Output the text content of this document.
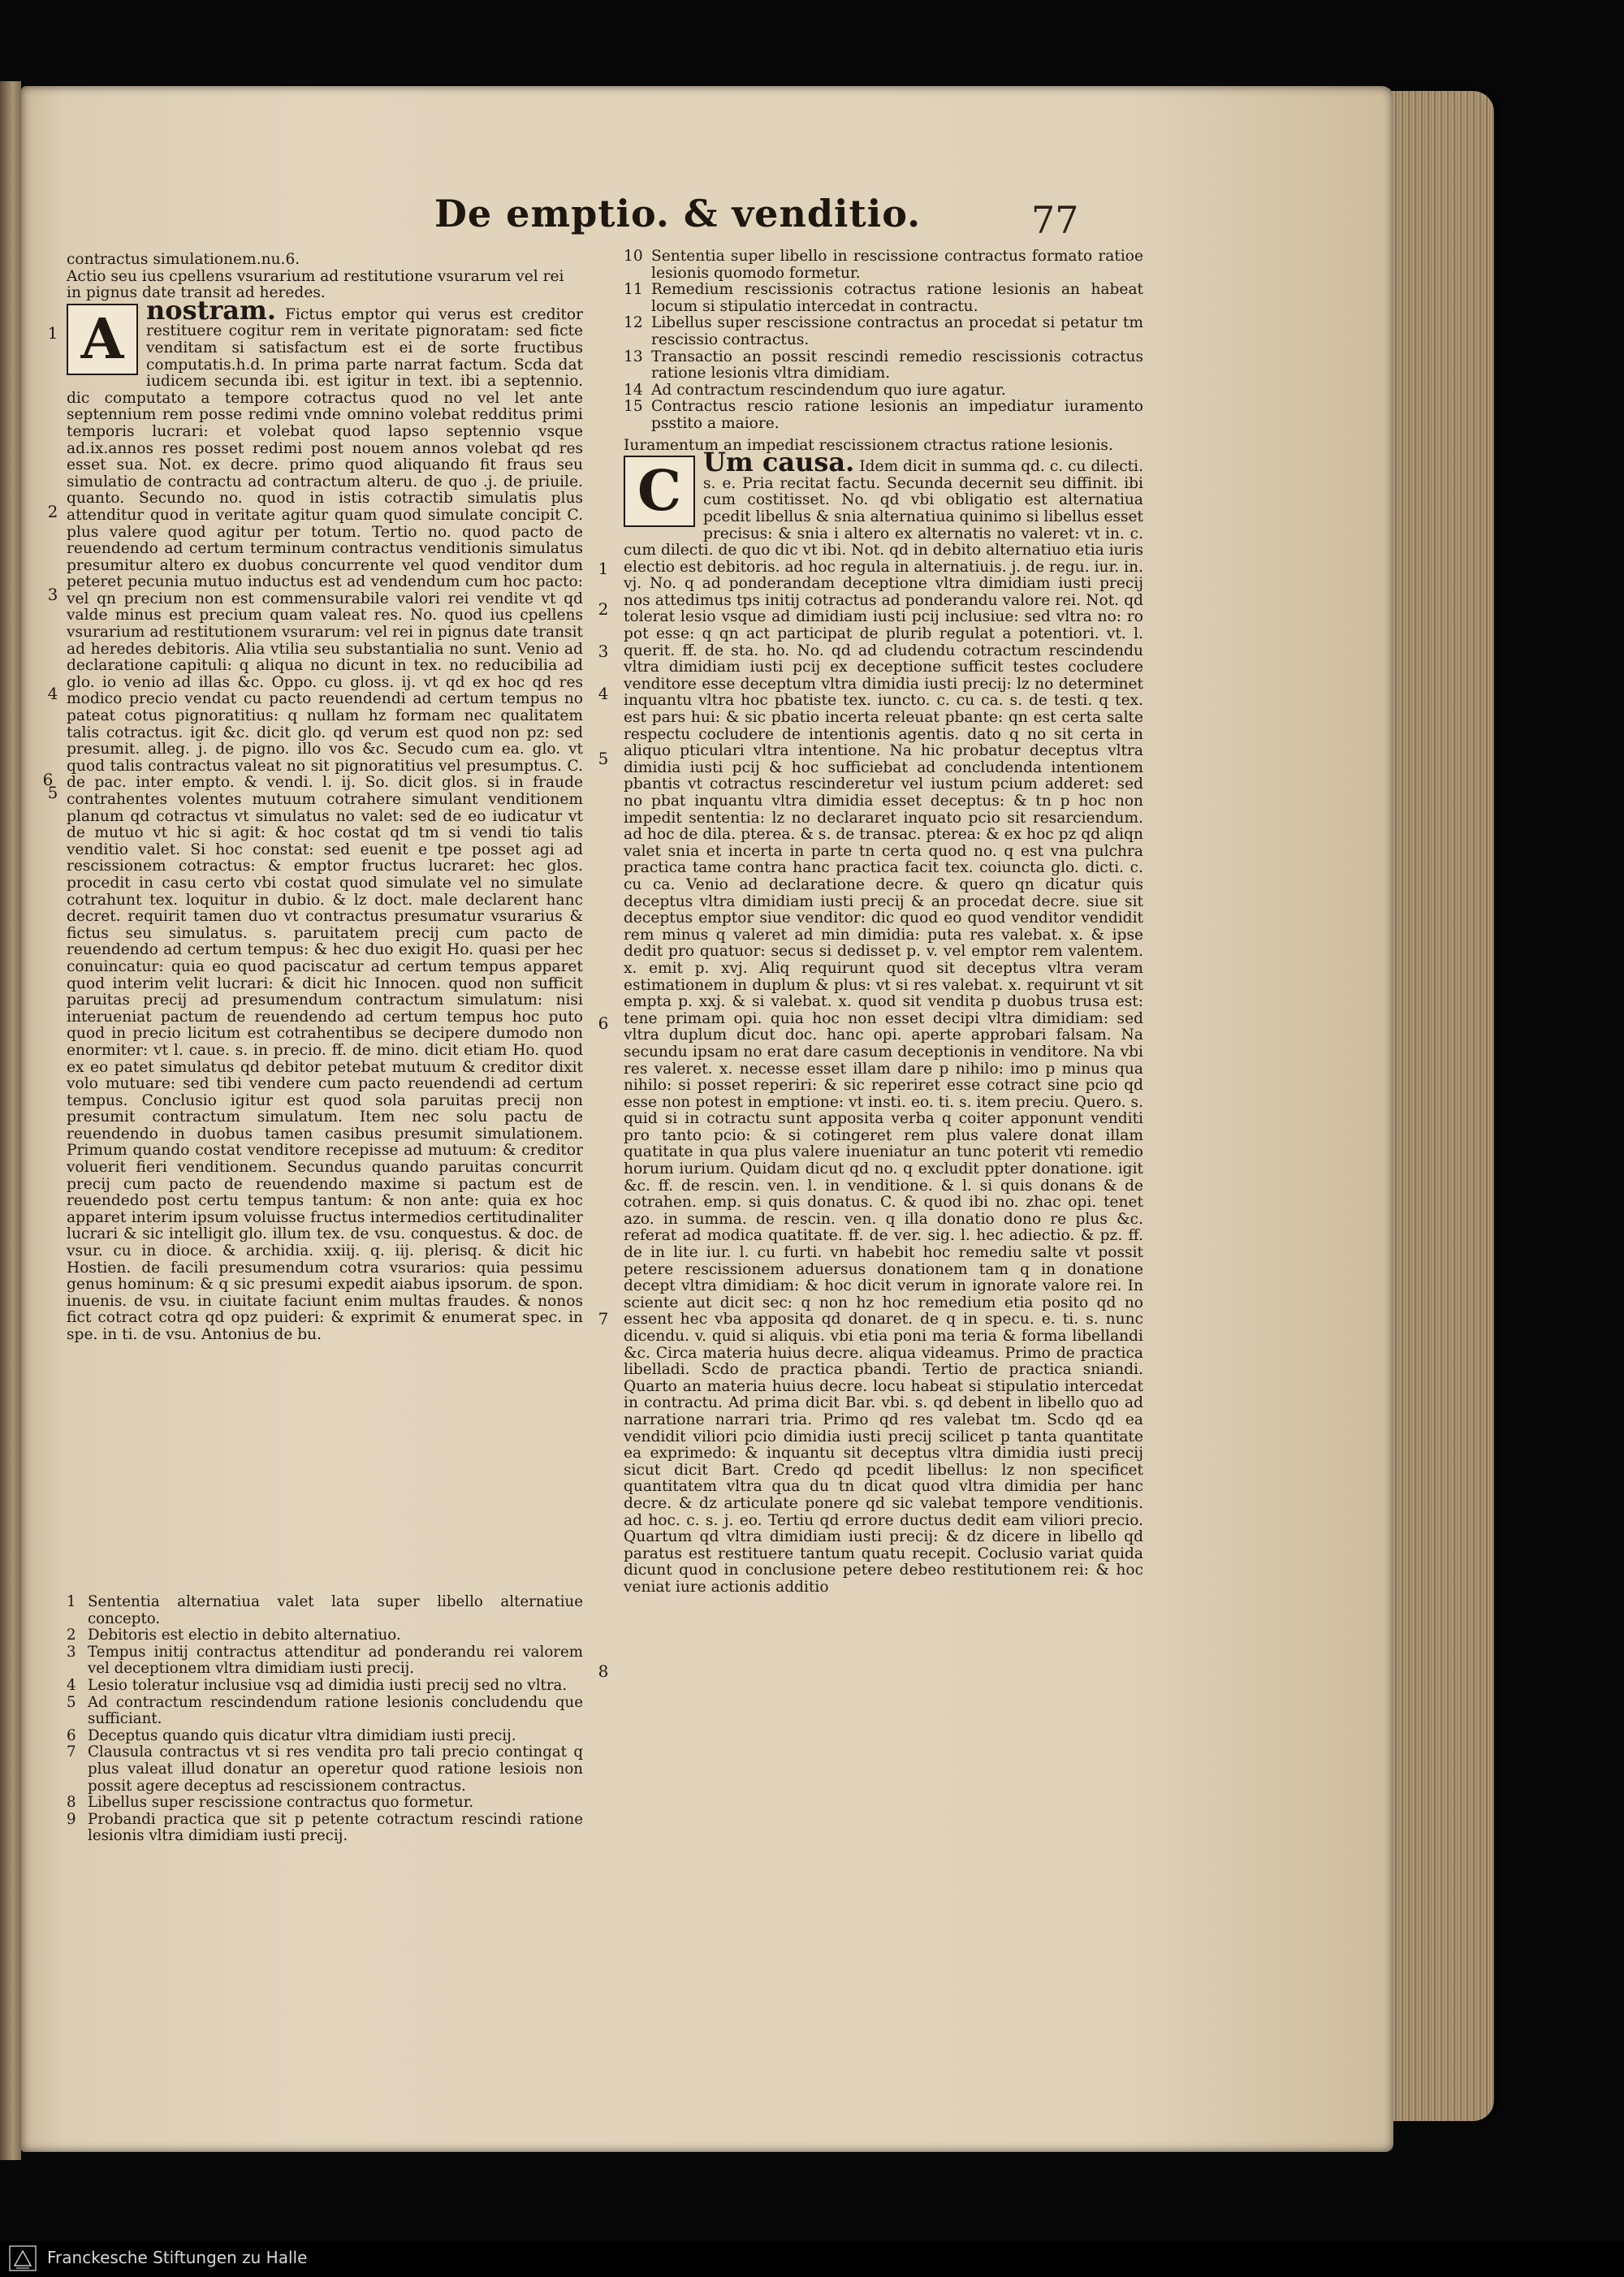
De emptio. & venditio.	77

contractus simulationem.nu.6.

Actio seu ius cpellens vsurarium ad restitutione vsurarum vel rei

in pignus date transit ad heredes.

A nostram. Fictus emptor qui verus est creditor restituere cogitur rem in veritate pignoratam: sed ficte venditam si satisfactum est ei de sorte fructibus computatis.h.d. In prima parte narrat factum. Scda dat iudicem secunda ibi. est igitur in text. ibi a septennio. dic computato a tempore cotractus quod no vel let ante septennium rem posse redimi vnde omnino volebat redditus primi temporis lucrari: et volebat quod lapso septennio vsque ad.ix.annos res posset redimi post nouem annos volebat qd res esset sua. Not. ex decre. primo quod aliquando fit fraus seu simulatio de contractu ad contractum alteru. de quo .j. de priuile. quanto. Secundo no. quod in istis cotractib simulatis plus attenditur quod in veritate agitur quam quod simulate concipit C. plus valere quod agitur per totum. Tertio no. quod pacto de reuendendo ad certum terminum contractus venditionis simulatus presumitur altero ex duobus concurrente vel quod venditor dum peteret pecunia mutuo inductus est ad vendendum cum hoc pacto: vel qn precium non est commensurabile valori rei vendite vt qd valde minus est precium quam valeat res. No. quod ius cpellens vsurarium ad restitutionem vsurarum: vel rei in pignus date transit ad heredes debitoris. Alia vtilia seu substantialia no sunt. Venio ad declaratione capituli: q aliqua no dicunt in tex. no reducibilia ad glo. io venio ad illas &c. Oppo. cu gloss. ij. vt qd ex hoc qd res modico precio vendat cu pacto reuendendi ad certum tempus no pateat cotus pignoratitius: q nullam hz formam nec qualitatem talis cotractus. igit &c. dicit glo. qd verum est quod non pz: sed presumit. alleg. j. de pigno. illo vos &c. Secudo cum ea. glo. vt quod talis contractus valeat no sit pignoratitius vel presumptus. C. de pac. inter empto. & vendi. l. ij. So. dicit glos. si in fraude contrahentes volentes mutuum cotrahere simulant venditionem planum qd cotractus vt simulatus no valet: sed de eo iudicatur vt de mutuo vt hic si agit: & hoc costat qd tm si vendi tio talis venditio valet. Si hoc constat: sed euenit e tpe posset agi ad rescissionem cotractus: & emptor fructus lucraret: hec glos. procedit in casu certo vbi costat quod simulate vel no simulate cotrahunt tex. loquitur in dubio. & lz doct. male declarent hanc decret. requirit tamen duo vt contractus presumatur vsurarius & fictus seu simulatus. s. paruitatem precij cum pacto de reuendendo ad certum tempus: & hec duo exigit Ho. quasi per hec conuincatur: quia eo quod paciscatur ad certum tempus apparet quod interim velit lucrari: & dicit hic Innocen. quod non sufficit paruitas precij ad presumendum contractum simulatum: nisi interueniat pactum de reuendendo ad certum tempus hoc puto quod in precio licitum est cotrahentibus se decipere dumodo non enormiter: vt l. caue. s. in precio. ff. de mino. dicit etiam Ho. quod ex eo patet simulatus qd debitor petebat mutuum & creditor dixit volo mutuare: sed tibi vendere cum pacto reuendendi ad certum tempus. Conclusio igitur est quod sola paruitas precij non presumit contractum simulatum. Item nec solu pactu de reuendendo in duobus tamen casibus presumit simulationem. Primum quando costat venditore recepisse ad mutuum: & creditor voluerit fieri venditionem. Secundus quando paruitas concurrit precij cum pacto de reuendendo maxime si pactum est de reuendedo post certu tempus tantum: & non ante: quia ex hoc apparet interim ipsum voluisse fructus intermedios certitudinaliter lucrari & sic intelligit glo. illum tex. de vsu. conquestus. & doc. de vsur. cu in dioce. & archidia. xxiij. q. iij. plerisq. & dicit hic Hostien. de facili presumendum cotra vsurarios: quia pessimu genus hominum: & q sic presumi expedit aiabus ipsorum. de spon. inuenis. de vsu. in ciuitate faciunt enim multas fraudes. & nonos fict cotract cotra qd opz puideri: & exprimit & enumerat spec. in spe. in ti. de vsu. Antonius de bu.

1
2
3
4
5
6
1 Sententia alternatiua valet lata super libello alternatiue concepto.
2 Debitoris est electio in debito alternatiuo.
3 Tempus initij contractus attenditur ad ponderandu rei valorem vel deceptionem vltra dimidiam iusti precij.
4 Lesio toleratur inclusiue vsq ad dimidia iusti precij sed no vltra.
5 Ad contractum rescindendum ratione lesionis concludendu que sufficiant.
6 Deceptus quando quis dicatur vltra dimidiam iusti precij.
7 Clausula contractus vt si res vendita pro tali precio contingat q plus valeat illud donatur an operetur quod ratione lesiois non possit agere deceptus ad rescissionem contractus.
8 Libellus super rescissione contractus quo formetur.
9 Probandi practica que sit p petente cotractum rescindi ratione lesionis vltra dimidiam iusti precij.
10 Sententia super libello in rescissione contractus formato ratioe lesionis quomodo formetur.
11 Remedium rescissionis cotractus ratione lesionis an habeat locum si stipulatio intercedat in contractu.
12 Libellus super rescissione contractus an procedat si petatur tm rescissio contractus.
13 Transactio an possit rescindi remedio rescissionis cotractus ratione lesionis vltra dimidiam.
14 Ad contractum rescindendum quo iure agatur.
15 Contractus rescio ratione lesionis an impediatur iuramento psstito a maiore.

Iuramentum an impediat rescissionem ctractus ratione lesionis.

C Um causa. Idem dicit in summa qd. c. cu dilecti. s. e. Pria recitat factu. Secunda decernit seu diffinit. ibi cum costitisset. No. qd vbi obligatio est alternatiua pcedit libellus & snia alternatiua quinimo si libellus esset precisus: & snia i altero ex alternatis no valeret: vt in. c. cum dilecti. de quo dic vt ibi. Not. qd in debito alternatiuo etia iuris electio est debitoris. ad hoc regula in alternatiuis. j. de regu. iur. in. vj. No. q ad ponderandam deceptione vltra dimidiam iusti precij nos attedimus tps initij cotractus ad ponderandu valore rei. Not. qd tolerat lesio vsque ad dimidiam iusti pcij inclusiue: sed vltra no: ro pot esse: q qn act participat de plurib regulat a potentiori. vt. l. querit. ff. de sta. ho. No. qd ad cludendu cotractum rescindendu vltra dimidiam iusti pcij ex deceptione sufficit testes cocludere venditore esse deceptum vltra dimidia iusti precij: lz no determinet inquantu vltra hoc pbatiste tex. iuncto. c. cu ca. s. de testi. q tex. est pars hui: & sic pbatio incerta releuat pbante: qn est certa salte respectu cocludere de intentionis agentis. dato q no sit certa in aliquo pticulari vltra intentione. Na hic probatur deceptus vltra dimidia iusti pcij & hoc sufficiebat ad concludenda intentionem pbantis vt cotractus rescinderetur vel iustum pcium adderet: sed no pbat inquantu vltra dimidia esset deceptus: & tn p hoc non impedit sententia: lz no declararet inquato pcio sit resarciendum. ad hoc de dila. pterea. & s. de transac. pterea: & ex hoc pz qd aliqn valet snia et incerta in parte tn certa quod no. q est vna pulchra practica tame contra hanc practica facit tex. coiuncta glo. dicti. c. cu ca. Venio ad declaratione decre. & quero qn dicatur quis deceptus vltra dimidiam iusti precij & an procedat decre. siue sit deceptus emptor siue venditor: dic quod eo quod venditor vendidit rem minus q valeret ad min dimidia: puta res valebat. x. & ipse dedit pro quatuor: secus si dedisset p. v. vel emptor rem valentem. x. emit p. xvj. Aliq requirunt quod sit deceptus vltra veram estimationem in duplum & plus: vt si res valebat. x. requirunt vt sit empta p. xxj. & si valebat. x. quod sit vendita p duobus trusa est: tene primam opi. quia hoc non esset decipi vltra dimidiam: sed vltra duplum dicut doc. hanc opi. aperte approbari falsam. Na secundu ipsam no erat dare casum deceptionis in venditore. Na vbi res valeret. x. necesse esset illam dare p nihilo: imo p minus qua nihilo: si posset reperiri: & sic reperiret esse cotract sine pcio qd esse non potest in emptione: vt insti. eo. ti. s. item preciu. Quero. s. quid si in cotractu sunt apposita verba q coiter apponunt venditi pro tanto pcio: & si cotingeret rem plus valere donat illam quatitate in qua plus valere inueniatur an tunc poterit vti remedio horum iurium. Quidam dicut qd no. q excludit ppter donatione. igit &c. ff. de rescin. ven. l. in venditione. & l. si quis donans & de cotrahen. emp. si quis donatus. C. & quod ibi no. zhac opi. tenet azo. in summa. de rescin. ven. q illa donatio dono re plus &c. referat ad modica quatitate. ff. de ver. sig. l. hec adiectio. & pz. ff. de in lite iur. l. cu furti. vn habebit hoc remediu salte vt possit petere rescissionem aduersus donationem tam q in donatione decept vltra dimidiam: & hoc dicit verum in ignorate valore rei. In sciente aut dicit sec: q non hz hoc remedium etia posito qd no essent hec vba apposita qd donaret. de q in specu. e. ti. s. nunc dicendu. v. quid si aliquis. vbi etia poni ma teria & forma libellandi &c. Circa materia huius decre. aliqua videamus. Primo de practica libelladi. Scdo de practica pbandi. Tertio de practica sniandi. Quarto an materia huius decre. locu habeat si stipulatio intercedat in contractu. Ad prima dicit Bar. vbi. s. qd debent in libello quo ad narratione narrari tria. Primo qd res valebat tm. Scdo qd ea vendidit viliori pcio dimidia iusti precij scilicet p tanta quantitate ea exprimedo: & inquantu sit deceptus vltra dimidia iusti precij sicut dicit Bart. Credo qd pcedit libellus: lz non specificet quantitatem vltra qua du tn dicat quod vltra dimidia per hanc decre. & dz articulate ponere qd sic valebat tempore venditionis. ad hoc. c. s. j. eo. Tertiu qd errore ductus dedit eam viliori precio. Quartum qd vltra dimidiam iusti precij: & dz dicere in libello qd paratus est restituere tantum quatu recepit. Coclusio variat quida dicunt quod in conclusione petere debeo restitutionem rei: & hoc veniat iure actionis additio

1
2
3
4
5
6
7
8
Franckesche Stiftungen zu Halle
